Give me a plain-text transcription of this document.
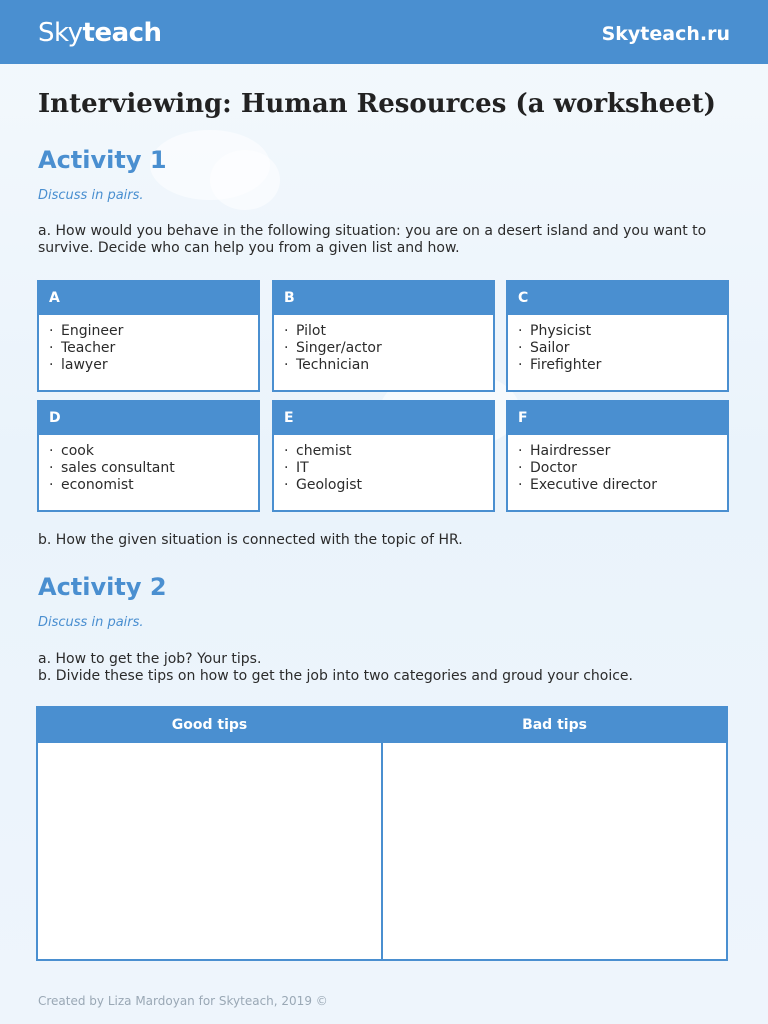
Skyteach	Skyteach.ru
Interviewing: Human Resources (a worksheet)
Activity 1

Discuss in pairs.

a. How would you behave in the following situation: you are on a desert island and you want to survive. Decide who can help you from a given list and how.

A
· Engineer
· Teacher
· lawyer
B
· Pilot
· Singer/actor
· Technician
C
· Physicist
· Sailor
· Firefighter
D
· cook
· sales consultant
· economist
E
· chemist
· IT
· Geologist
F
· Hairdresser
· Doctor
· Executive director

b. How the given situation is connected with the topic of HR.

Activity 2

Discuss in pairs.

a. How to get the job? Your tips.

b. Divide these tips on how to get the job into two categories and groud your choice.

Good tips	Bad tips
Created by Liza Mardoyan for Skyteach, 2019 ©
